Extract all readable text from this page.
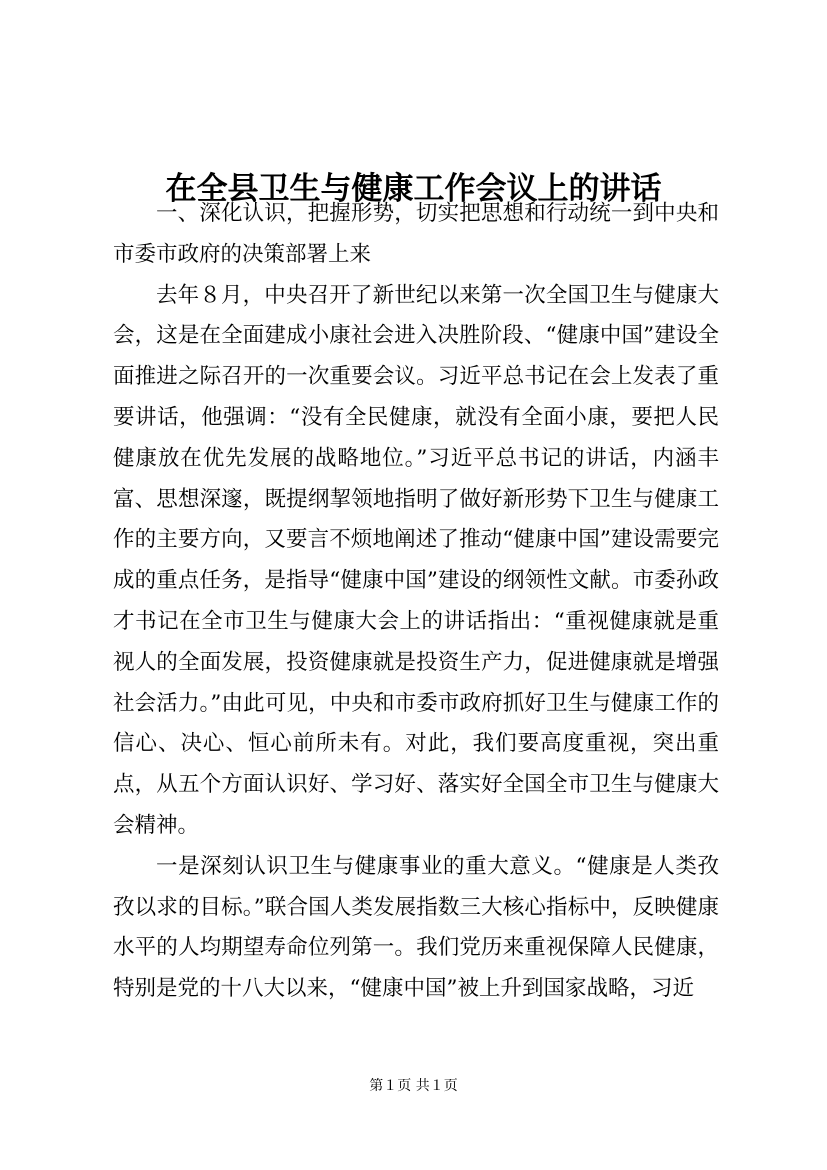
在全县卫生与健康工作会议上的讲话

一、深化认识，把握形势，切实把思想和行动统一到中央和市委市政府的决策部署上来

去年８月，中央召开了新世纪以来第一次全国卫生与健康大会，这是在全面建成小康社会进入决胜阶段、“健康中国”建设全面推进之际召开的一次重要会议。习近平总书记在会上发表了重要讲话，他强调：“没有全民健康，就没有全面小康，要把人民健康放在优先发展的战略地位。”习近平总书记的讲话，内涵丰富、思想深邃，既提纲挈领地指明了做好新形势下卫生与健康工作的主要方向，又要言不烦地阐述了推动“健康中国”建设需要完成的重点任务，是指导“健康中国”建设的纲领性文献。市委孙政才书记在全市卫生与健康大会上的讲话指出：“重视健康就是重视人的全面发展，投资健康就是投资生产力，促进健康就是增强社会活力。”由此可见，中央和市委市政府抓好卫生与健康工作的信心、决心、恒心前所未有。对此，我们要高度重视，突出重点，从五个方面认识好、学习好、落实好全国全市卫生与健康大会精神。

一是深刻认识卫生与健康事业的重大意义。“健康是人类孜孜以求的目标。”联合国人类发展指数三大核心指标中，反映健康水平的人均期望寿命位列第一。我们党历来重视保障人民健康，特别是党的十八大以来，“健康中国”被上升到国家战略，习近

第１页 共１页
